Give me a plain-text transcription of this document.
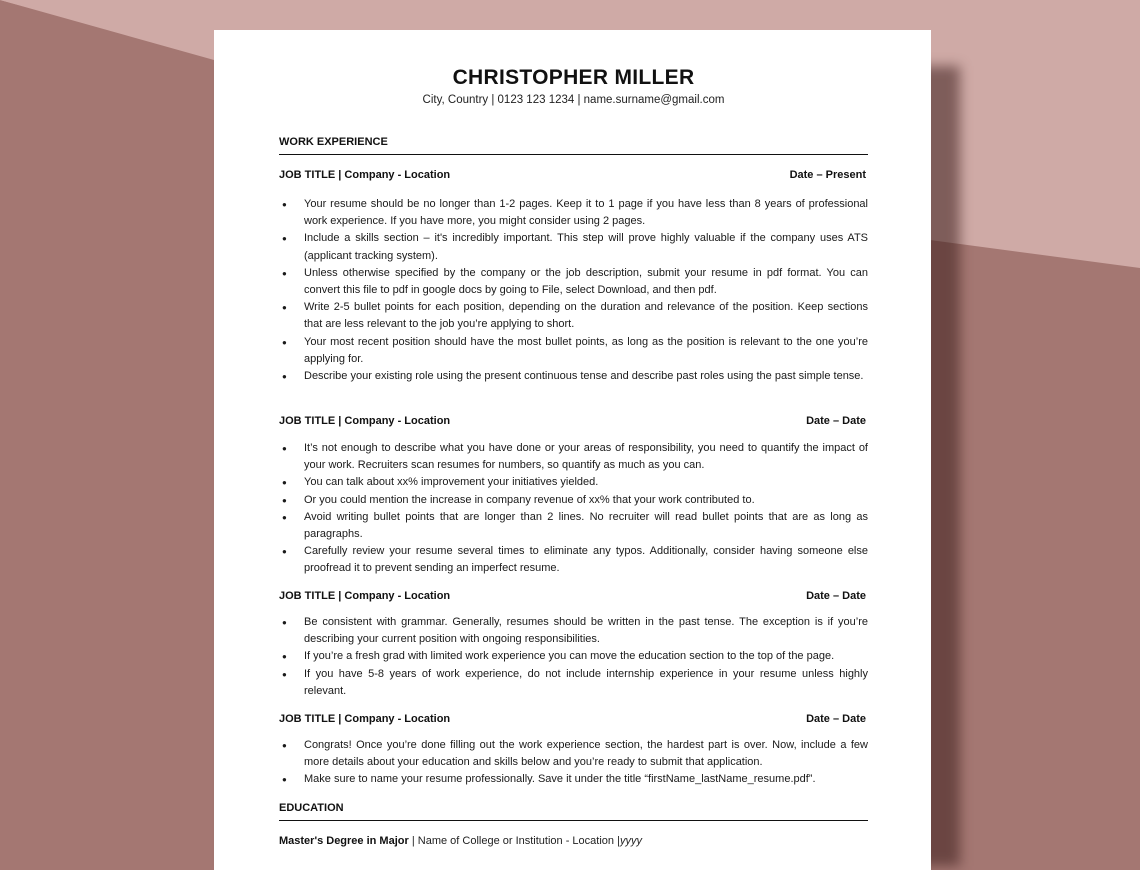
CHRISTOPHER MILLER
City, Country | 0123 123 1234 | name.surname@gmail.com
WORK EXPERIENCE
JOB TITLE | Company - Location	Date – Present
● Your resume should be no longer than 1-2 pages. Keep it to 1 page if you have less than 8 years of professional work experience. If you have more, you might consider using 2 pages.
● Include a skills section – it's incredibly important. This step will prove highly valuable if the company uses ATS (applicant tracking system).
● Unless otherwise specified by the company or the job description, submit your resume in pdf format. You can convert this file to pdf in google docs by going to File, select Download, and then pdf.
● Write 2-5 bullet points for each position, depending on the duration and relevance of the position. Keep sections that are less relevant to the job you’re applying to short.
● Your most recent position should have the most bullet points, as long as the position is relevant to the one you’re applying for.
● Describe your existing role using the present continuous tense and describe past roles using the past simple tense.
JOB TITLE | Company - Location	Date – Date
● It’s not enough to describe what you have done or your areas of responsibility, you need to quantify the impact of your work. Recruiters scan resumes for numbers, so quantify as much as you can.
● You can talk about xx% improvement your initiatives yielded.
● Or you could mention the increase in company revenue of xx% that your work contributed to.
● Avoid writing bullet points that are longer than 2 lines. No recruiter will read bullet points that are as long as paragraphs.
● Carefully review your resume several times to eliminate any typos. Additionally, consider having someone else proofread it to prevent sending an imperfect resume.
JOB TITLE | Company - Location	Date – Date
● Be consistent with grammar. Generally, resumes should be written in the past tense. The exception is if you’re describing your current position with ongoing responsibilities.
● If you’re a fresh grad with limited work experience you can move the education section to the top of the page.
● If you have 5-8 years of work experience, do not include internship experience in your resume unless highly relevant.
JOB TITLE | Company - Location	Date – Date
● Congrats! Once you’re done filling out the work experience section, the hardest part is over. Now, include a few more details about your education and skills below and you’re ready to submit that application.
● Make sure to name your resume professionally. Save it under the title “firstName_lastName_resume.pdf”.
EDUCATION
Master's Degree in Major | Name of College or Institution - Location |yyyy
